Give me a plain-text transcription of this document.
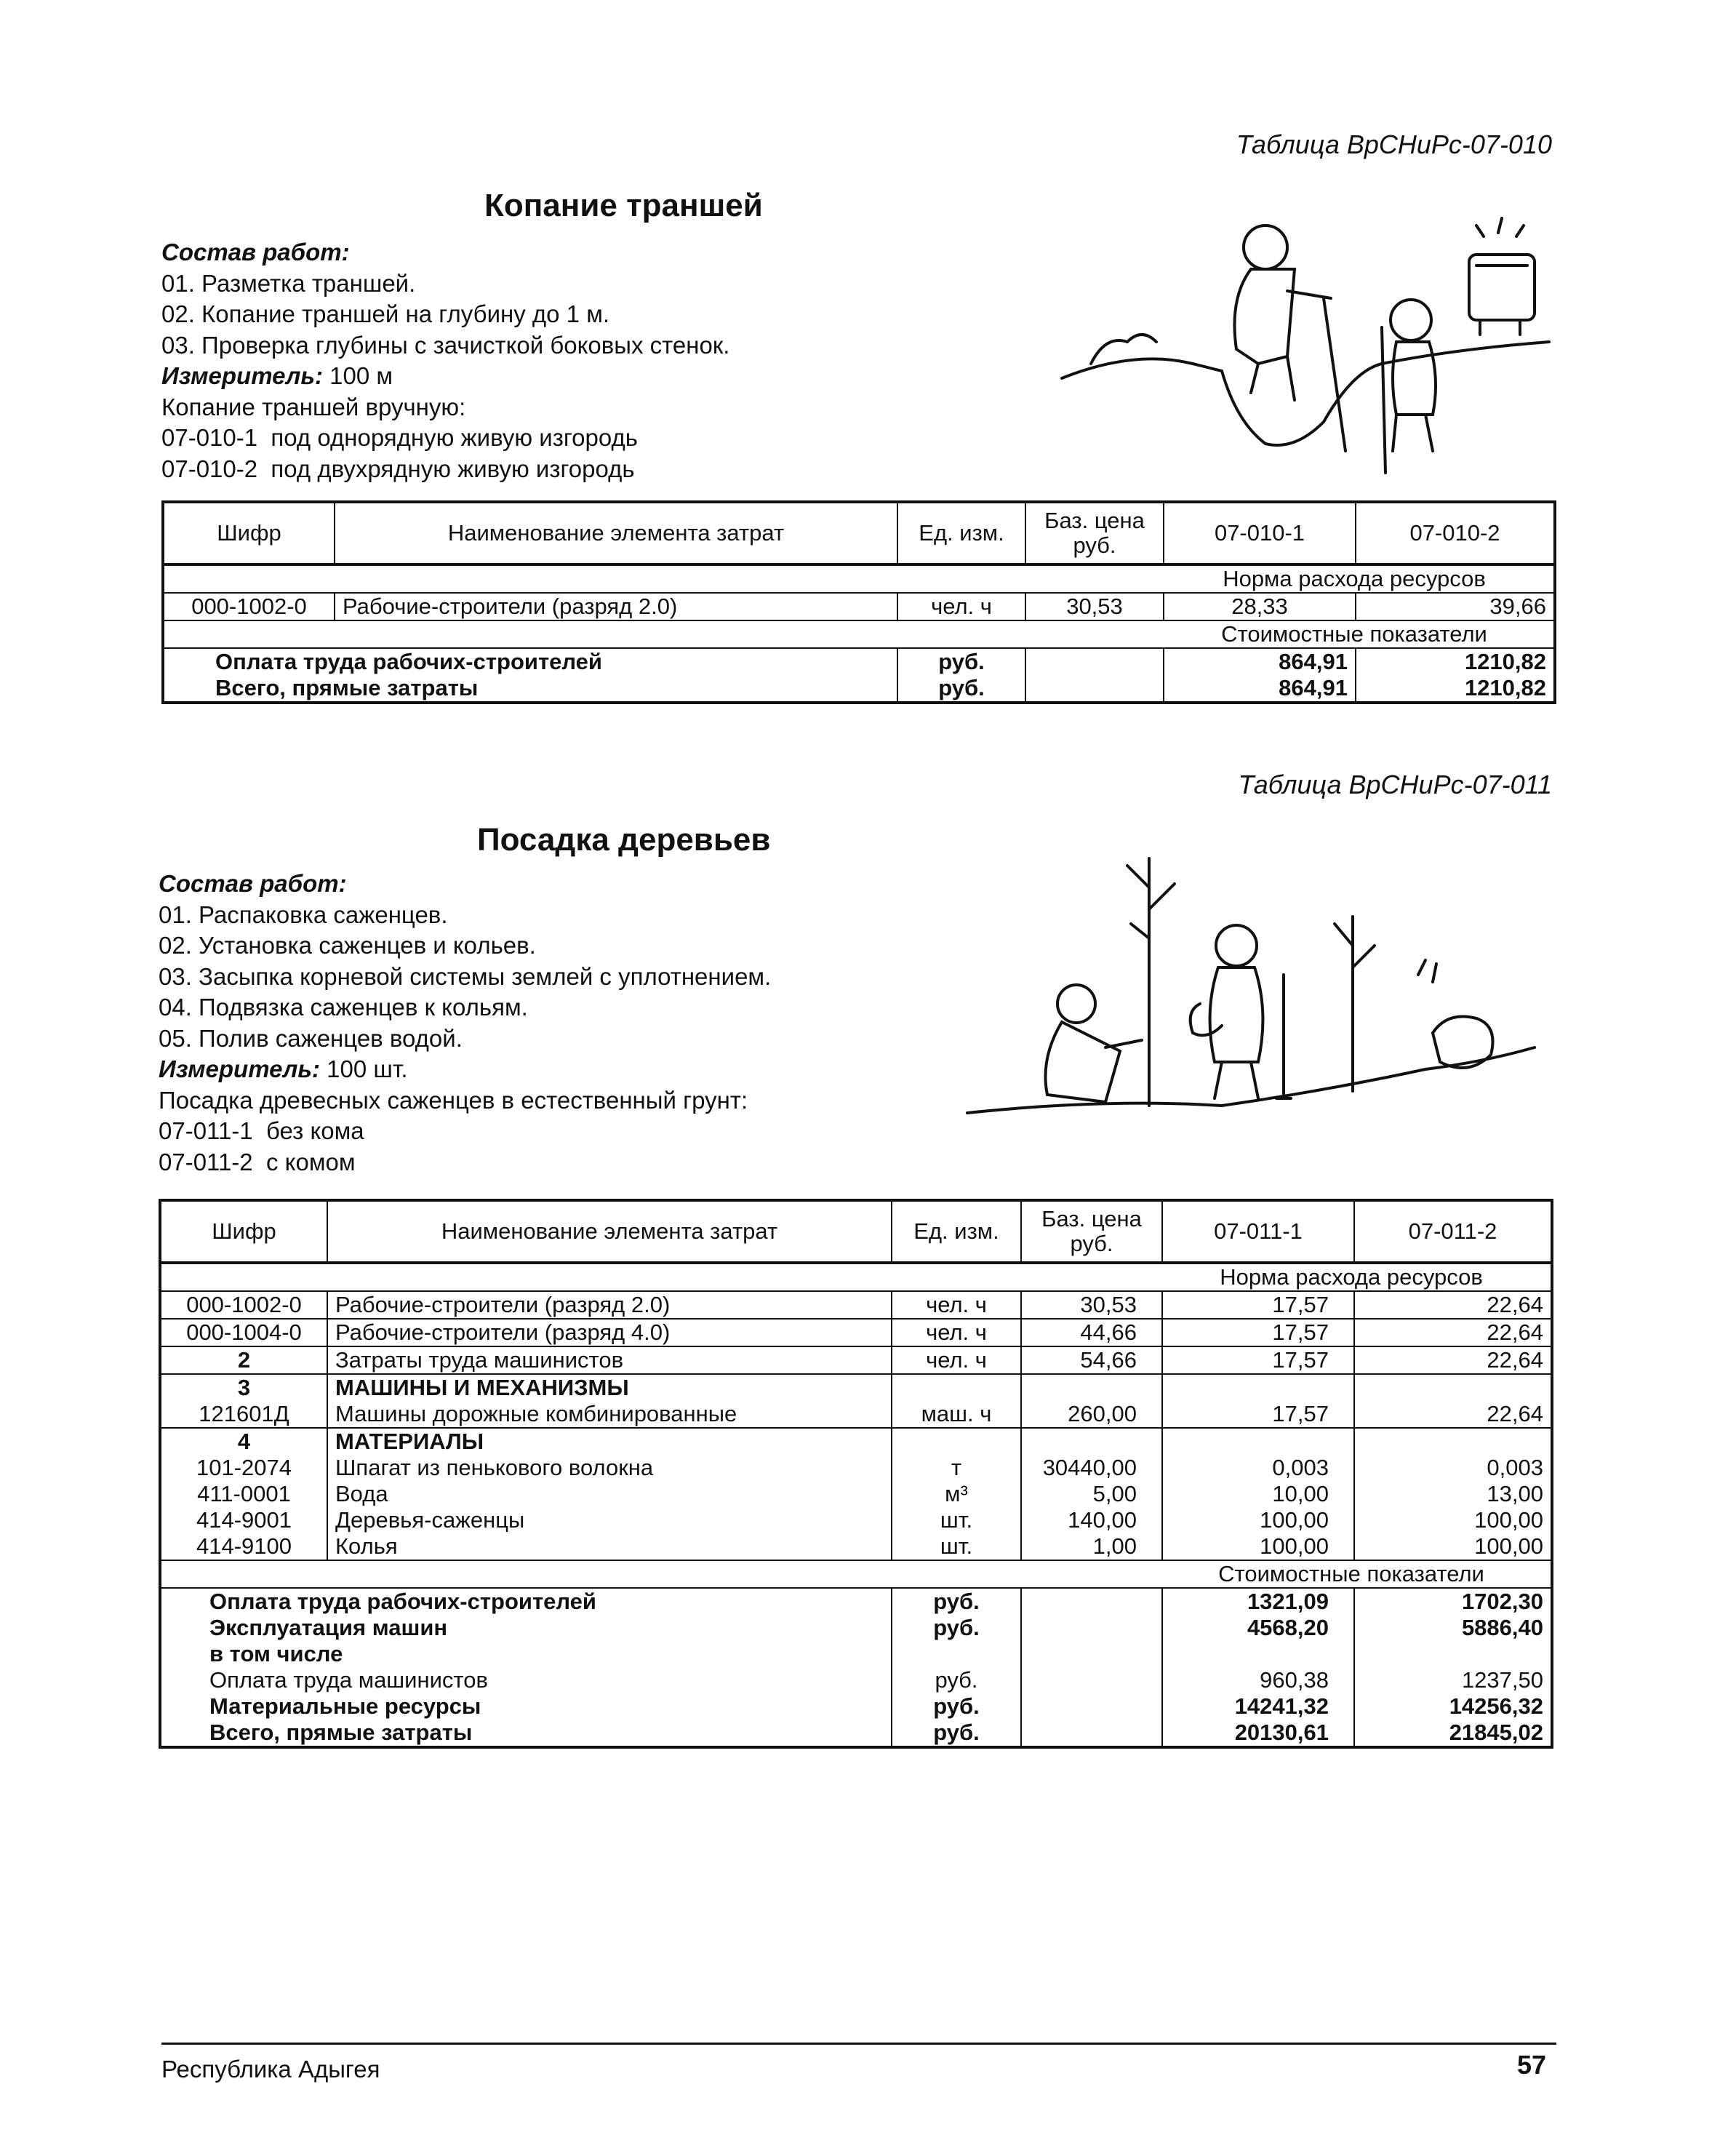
Таблица ВрСНиРс-07-010
Копание траншей
Состав работ:
01. Разметка траншей.
02. Копание траншей на глубину до 1 м.
03. Проверка глубины с зачисткой боковых стенок.
Измеритель: 100 м
Копание траншей вручную:
07-010-1  под однорядную живую изгородь
07-010-2  под двухрядную живую изгородь
Шифр	Наименование элемента затрат	Ед. изм.	Баз. цена руб.	07-010-1	07-010-2
Норма расхода ресурсов					
000-1002-0	Рабочие-строители (разряд 2.0)	чел. ч	30,53	28,33	39,66
Стоимостные показатели					
Оплата труда рабочих-строителей		руб.		864,91	1210,82
Всего, прямые затраты		руб.		864,91	1210,82
Таблица ВрСНиРс-07-011
Посадка деревьев
Состав работ:
01. Распаковка саженцев.
02. Установка саженцев и кольев.
03. Засыпка корневой системы землей с уплотнением.
04. Подвязка саженцев к кольям.
05. Полив саженцев водой.
Измеритель: 100 шт.
Посадка древесных саженцев в естественный грунт:
07-011-1  без кома
07-011-2  с комом
Шифр	Наименование элемента затрат	Ед. изм.	Баз. цена руб.	07-011-1	07-011-2
Норма расхода ресурсов					
000-1002-0	Рабочие-строители (разряд 2.0)	чел. ч	30,53	17,57	22,64
000-1004-0	Рабочие-строители (разряд 4.0)	чел. ч	44,66	17,57	22,64
2	Затраты труда машинистов	чел. ч	54,66	17,57	22,64
3	МАШИНЫ И МЕХАНИЗМЫ				
121601Д	Машины дорожные комбинированные	маш. ч	260,00	17,57	22,64
4	МАТЕРИАЛЫ				
101-2074	Шпагат из пенькового волокна	т	30440,00	0,003	0,003
411-0001	Вода	м³	5,00	10,00	13,00
414-9001	Деревья-саженцы	шт.	140,00	100,00	100,00
414-9100	Колья	шт.	1,00	100,00	100,00
Стоимостные показатели					
Оплата труда рабочих-строителей		руб.		1321,09	1702,30
Эксплуатация машин		руб.		4568,20	5886,40
в том числе					
Оплата труда машинистов		руб.		960,38	1237,50
Материальные ресурсы		руб.		14241,32	14256,32
Всего, прямые затраты		руб.		20130,61	21845,02
Республика Адыгея	57
